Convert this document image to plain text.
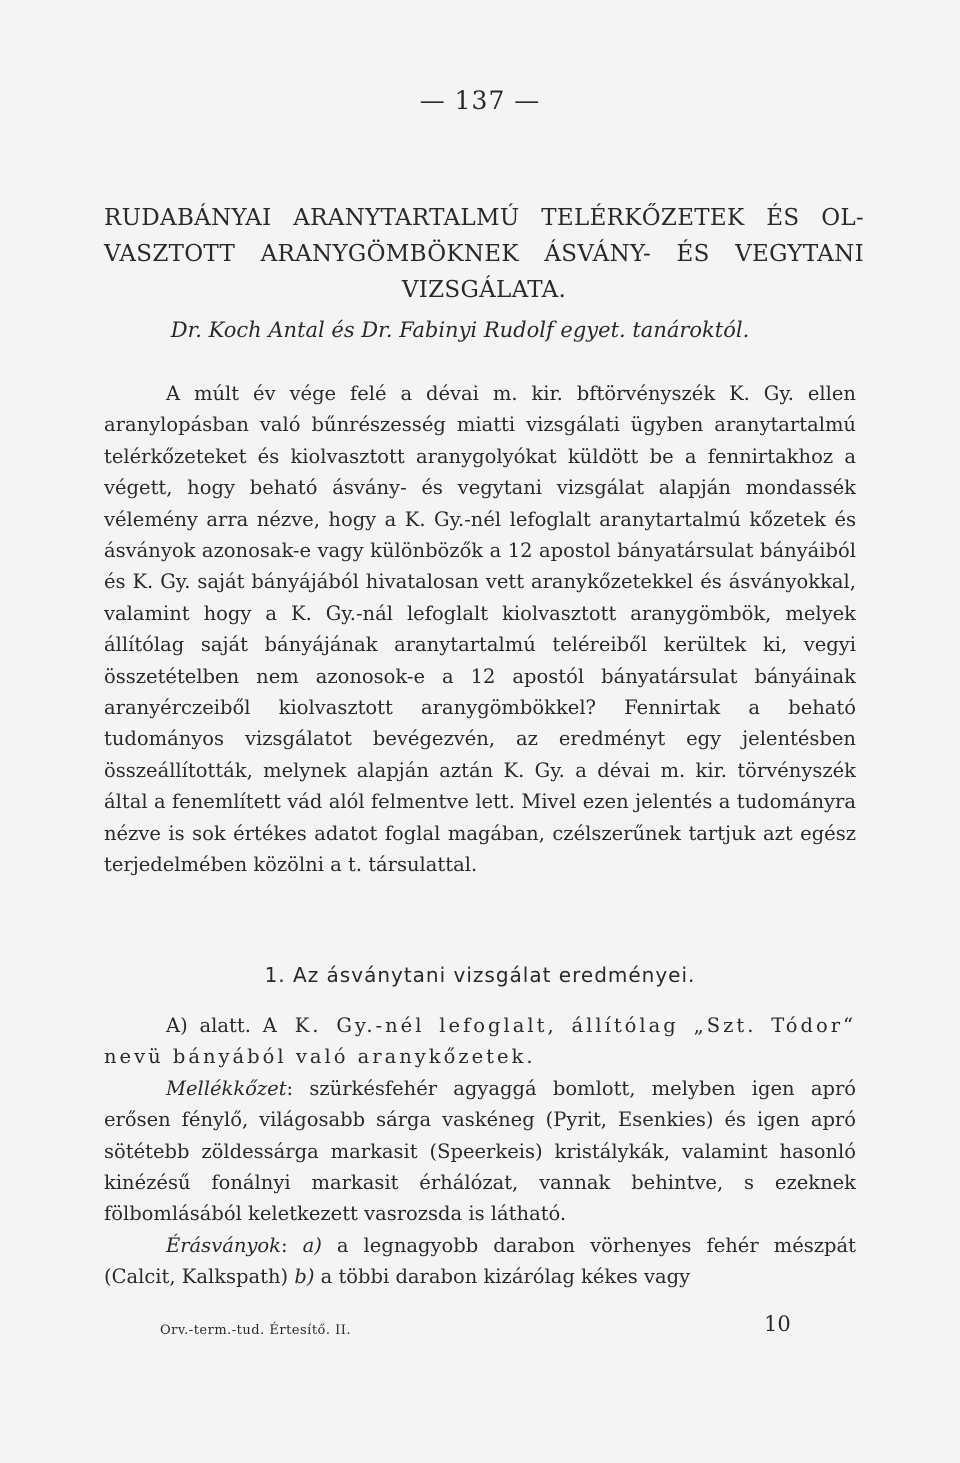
— 137 —
RUDABÁNYAI ARANYTARTALMÚ TELÉRKŐZETEK ÉS OL-
VASZTOTT ARANYGÖMBÖKNEK ÁSVÁNY- ÉS VEGYTANI
VIZSGÁLATA.
Dr. Koch Antal és Dr. Fabinyi Rudolf egyet. tanároktól.

A múlt év vége felé a dévai m. kir. bftörvényszék K. Gy. ellen aranylopásban való bűnrészesség miatti vizsgálati ügyben aranytartalmú telérkőzeteket és kiolvasztott aranygolyókat küldött be a fennirtakhoz a végett, hogy beható ásvány- és vegytani vizsgálat alapján mondassék vélemény arra nézve, hogy a K. Gy.-nél lefoglalt aranytartalmú kőzetek és ásványok azonosak-e vagy különbözők a 12 apostol bányatársulat bányáiból és K. Gy. saját bányájából hivatalosan vett aranykőzetekkel és ásványokkal, valamint hogy a K. Gy.-nál lefoglalt kiolvasztott aranygömbök, melyek állítólag saját bányájának aranytartalmú teléreiből kerültek ki, vegyi összetételben nem azonosok-e a 12 apostól bányatársulat bányáinak aranyérczeiből kiolvasztott aranygömbökkel? Fennirtak a beható tudományos vizsgálatot bevégezvén, az eredményt egy jelentésben összeállították, melynek alapján aztán K. Gy. a dévai m. kir. törvényszék által a fenemlített vád alól felmentve lett. Mivel ezen jelentés a tudományra nézve is sok értékes adatot foglal magában, czélszerűnek tartjuk azt egész terjedelmében közölni a t. társulattal.

1. Az ásványtani vizsgálat eredményei.

A) alatt. A K. Gy.-nél lefoglalt, állítólag „Szt. Tódor“ nevü bányából való aranykőzetek.

Mellékkőzet: szürkésfehér agyaggá bomlott, melyben igen apró erősen fénylő, világosabb sárga vaskéneg (Pyrit, Esenkies) és igen apró sötétebb zöldessárga markasit (Speerkeis) kristálykák, valamint hasonló kinézésű fonálnyi markasit érhálózat, vannak behintve, s ezeknek fölbomlásából keletkezett vasrozsda is látható.

Érásványok: a) a legnagyobb darabon vörhenyes fehér mészpát (Calcit, Kalkspath) b) a többi darabon kizárólag kékes vagy

Orv.-term.-tud. Értesítő. II.	10
